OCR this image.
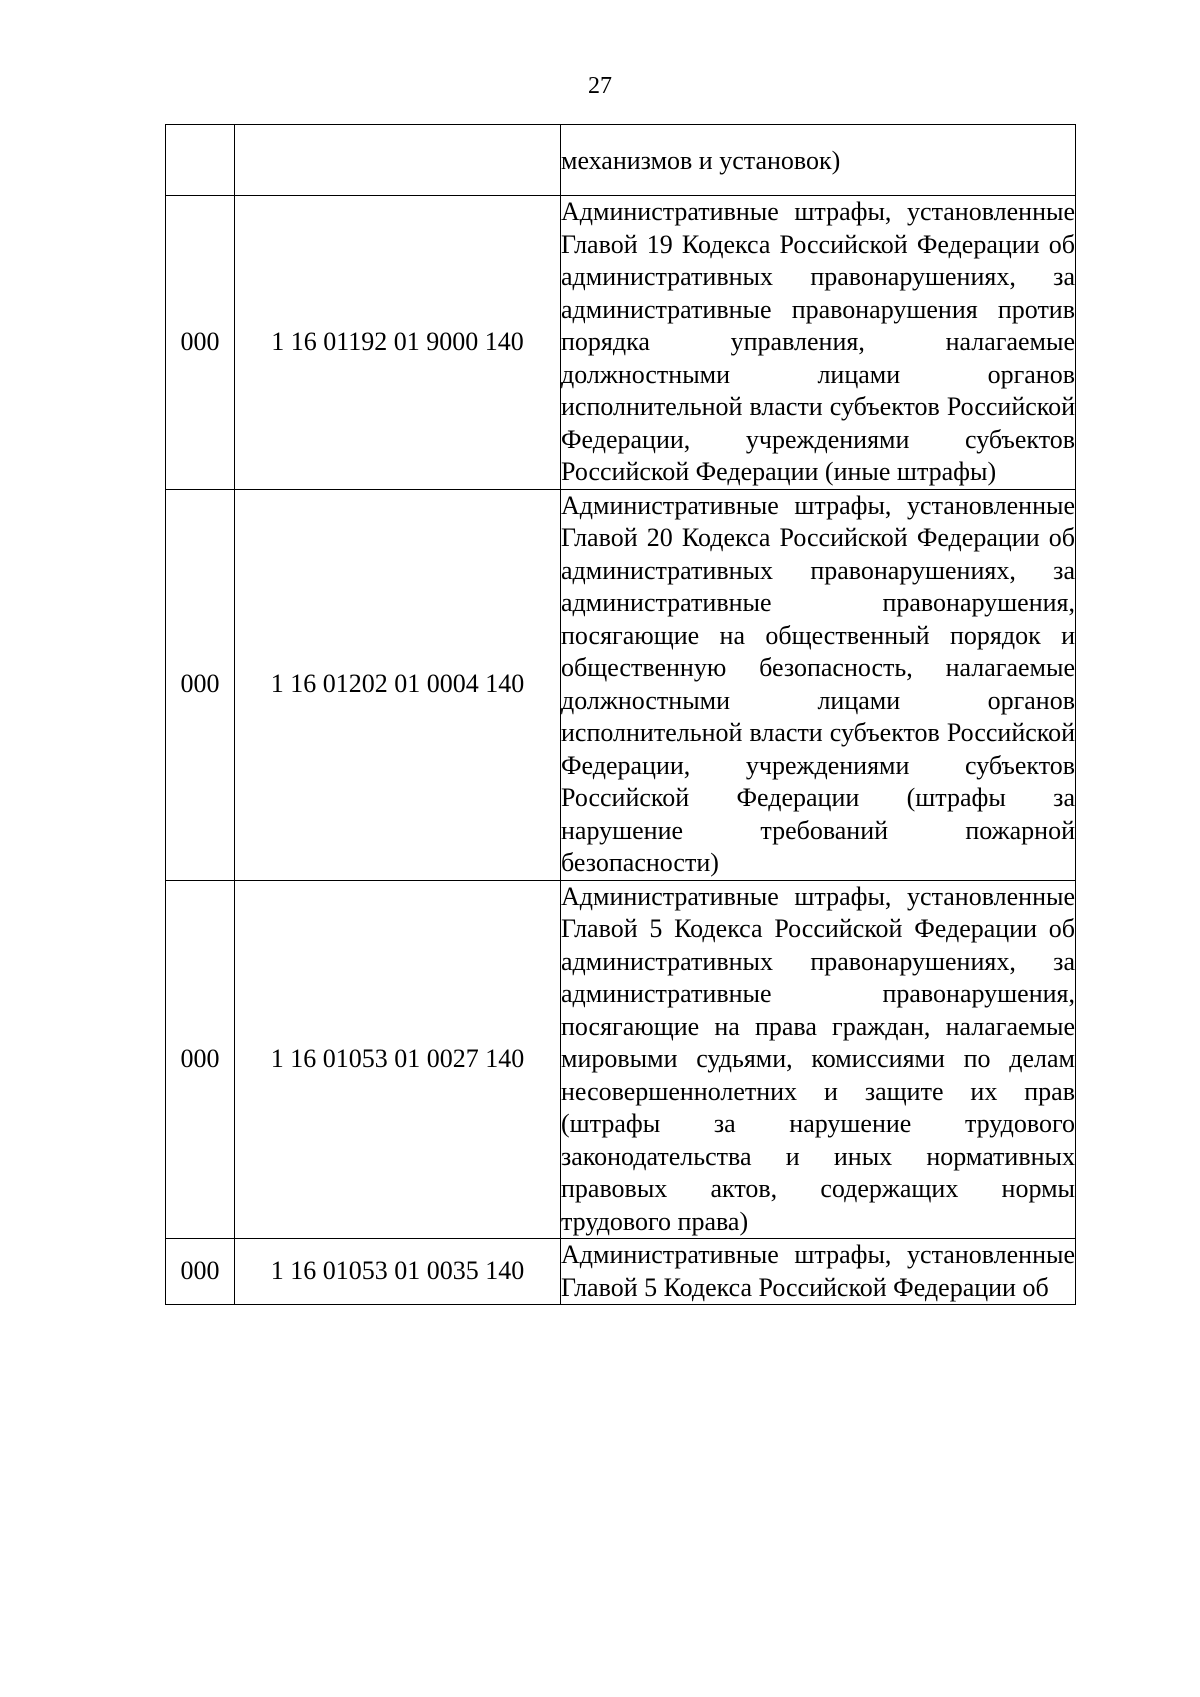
27

		механизмов и установок)

000	1 16 01192 01 9000 140	Административные штрафы, установленные Главой 19 Кодекса Российской Федерации об административных правонарушениях, за административные правонарушения против порядка управления, налагаемые должностными лицами органов исполнительной власти субъектов Российской Федерации, учреждениями субъектов Российской Федерации (иные штрафы)

000	1 16 01202 01 0004 140	Административные штрафы, установленные Главой 20 Кодекса Российской Федерации об административных правонарушениях, за административные правонарушения, посягающие на общественный порядок и общественную безопасность, налагаемые должностными лицами органов исполнительной власти субъектов Российской Федерации, учреждениями субъектов Российской Федерации (штрафы за нарушение требований пожарной безопасности)

000	1 16 01053 01 0027 140	Административные штрафы, установленные Главой 5 Кодекса Российской Федерации об административных правонарушениях, за административные правонарушения, посягающие на права граждан, налагаемые мировыми судьями, комиссиями по делам несовершеннолетних и защите их прав (штрафы за нарушение трудового законодательства и иных нормативных правовых актов, содержащих нормы трудового права)

000	1 16 01053 01 0035 140	Административные штрафы, установленные Главой 5 Кодекса Российской Федерации об
